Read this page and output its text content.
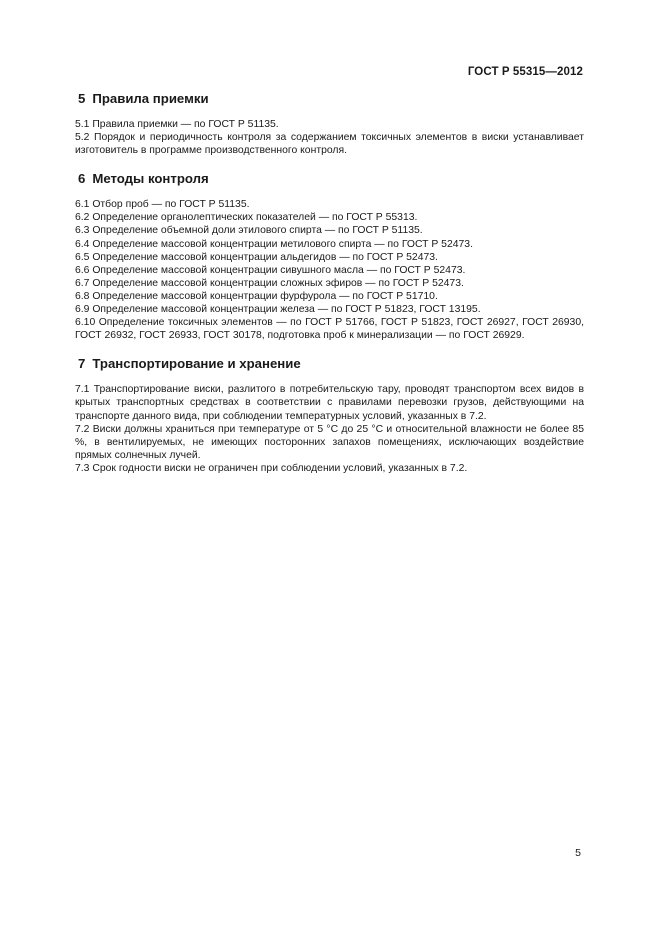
ГОСТ Р 55315—2012
5 Правила приемки

5.1 Правила приемки — по ГОСТ Р 51135.

5.2 Порядок и периодичность контроля за содержанием токсичных элементов в виски устанавливает изготовитель в программе производственного контроля.

6 Методы контроля

6.1 Отбор проб — по ГОСТ Р 51135.

6.2 Определение органолептических показателей — по ГОСТ Р 55313.

6.3 Определение объемной доли этилового спирта — по ГОСТ Р 51135.

6.4 Определение массовой концентрации метилового спирта — по ГОСТ Р 52473.

6.5 Определение массовой концентрации альдегидов — по ГОСТ Р 52473.

6.6 Определение массовой концентрации сивушного масла — по ГОСТ Р 52473.

6.7 Определение массовой концентрации сложных эфиров — по ГОСТ Р 52473.

6.8 Определение массовой концентрации фурфурола — по ГОСТ Р 51710.

6.9 Определение массовой концентрации железа — по ГОСТ Р 51823, ГОСТ 13195.

6.10 Определение токсичных элементов — по ГОСТ Р 51766, ГОСТ Р 51823, ГОСТ 26927, ГОСТ 26930, ГОСТ 26932, ГОСТ 26933, ГОСТ 30178, подготовка проб к минерализации — по ГОСТ 26929.

7 Транспортирование и хранение

7.1 Транспортирование виски, разлитого в потребительскую тару, проводят транспортом всех видов в крытых транспортных средствах в соответствии с правилами перевозки грузов, действующими на транспорте данного вида, при соблюдении температурных условий, указанных в 7.2.

7.2 Виски должны храниться при температуре от 5 °С до 25 °С и относительной влажности не более 85 %, в вентилируемых, не имеющих посторонних запахов помещениях, исключающих воздействие прямых солнечных лучей.

7.3 Срок годности виски не ограничен при соблюдении условий, указанных в 7.2.

5
